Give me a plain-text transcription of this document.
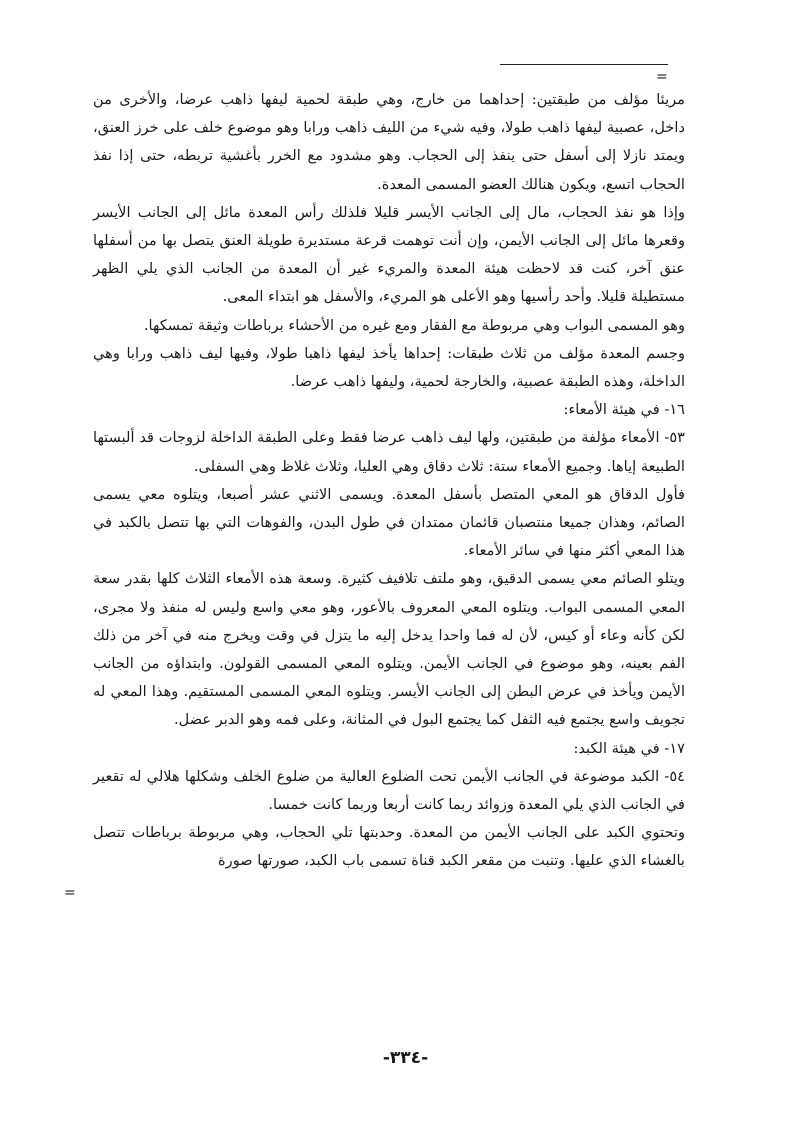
=

مريئا مؤلف من طبقتين: إحداهما من خارج، وهي طبقة لحمية ليفها ذاهب عرضا، والأخرى من داخل، عصبية ليفها ذاهب طولا، وفيه شيء من الليف ذاهب ورابا وهو موضوع خلف على خرز العنق، ويمتد نازلا إلى أسفل حتى ينفذ إلى الحجاب. وهو مشدود مع الخرر بأغشية تربطه، حتى إذا نفذ الحجاب اتسع، ويكون هنالك العضو المسمى المعدة.

وإذا هو نفذ الحجاب، مال إلى الجانب الأيسر قليلا فلذلك رأس المعدة مائل إلى الجانب الأيسر وقعرها مائل إلى الجانب الأيمن، وإن أنت توهمت قرعة مستديرة طويلة العنق يتصل بها من أسفلها عنق آخر، كنت قد لاحظت هيئة المعدة والمريء غير أن المعدة من الجانب الذي يلي الظهر مستطيلة قليلا. وأحد رأسيها وهو الأعلى هو المريء، والأسفل هو ابتداء المعى.

وهو المسمى البواب وهي مربوطة مع الفقار ومع غيره من الأحشاء برباطات وثيقة تمسكها.

وجسم المعدة مؤلف من ثلاث طبقات: إحداها يأخذ ليفها ذاهبا طولا، وفيها ليف ذاهب ورابا وهي الداخلة، وهذه الطبقة عصبية، والخارجة لحمية، وليفها ذاهب عرضا.

١٦- في هيئة الأمعاء:

٥٣- الأمعاء مؤلفة من طبقتين، ولها ليف ذاهب عرضا فقط وعلى الطبقة الداخلة لزوجات قد ألبستها الطبيعة إياها. وجميع الأمعاء ستة: ثلاث دقاق وهي العليا، وثلاث غلاظ وهي السفلى.

فأول الدقاق هو المعي المتصل بأسفل المعدة. ويسمى الاثني عشر أصبعا، ويتلوه معي يسمى الصائم، وهذان جميعا منتصبان قائمان ممتدان في طول البدن، والفوهات التي بها تتصل بالكبد في هذا المعي أكثر منها في سائر الأمعاء.

ويتلو الصائم معي يسمى الدقيق، وهو ملتف تلافيف كثيرة. وسعة هذه الأمعاء الثلاث كلها بقدر سعة المعي المسمى البواب. ويتلوه المعي المعروف بالأعور، وهو معي واسع وليس له منفذ ولا مجرى، لكن كأنه وعاء أو كيس، لأن له فما واحدا يدخل إليه ما يتزل في وقت ويخرج منه في آخر من ذلك الفم بعينه، وهو موضوع في الجانب الأيمن. ويتلوه المعي المسمى القولون. وابتداؤه من الجانب الأيمن ويأخذ في عرض البطن إلى الجانب الأيسر. ويتلوه المعي المسمى المستقيم. وهذا المعي له تجويف واسع يجتمع فيه الثفل كما يجتمع البول في المثانة، وعلى فمه وهو الدبر عضل.

١٧- في هيئة الكبد:

٥٤- الكبد موضوعة في الجانب الأيمن تحت الضلوع العالية من ضلوع الخلف وشكلها هلالي له تقعير في الجانب الذي يلي المعدة وزوائد ربما كانت أربعا وربما كانت خمسا.

وتحتوي الكبد على الجانب الأيمن من المعدة. وحدبتها تلي الحجاب، وهي مربوطة برباطات تتصل بالغشاء الذي عليها. وتنبت من مقعر الكبد قناة تسمى باب الكبد، صورتها صورة

=
-٣٣٤-
